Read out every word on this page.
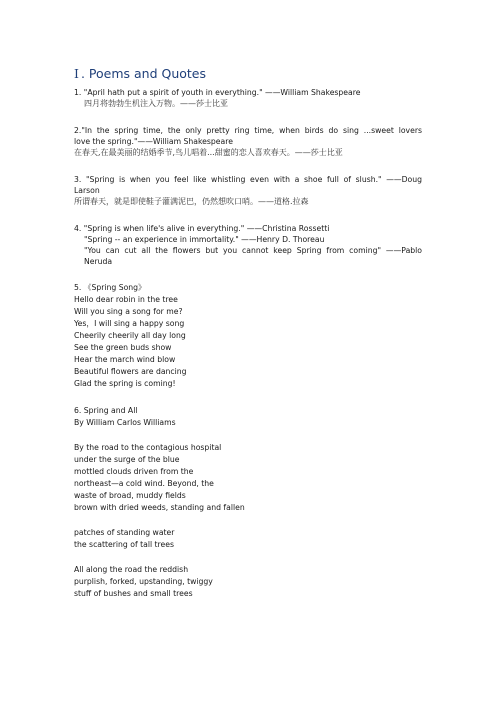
Ⅰ . Poems and Quotes
1. "April hath put a spirit of youth in everything." ——William Shakespeare
四月将勃勃生机注入万物。——莎士比亚
2."In the spring time, the only pretty ring time, when birds do sing ...sweet lovers
love the spring."——William Shakespeare
在春天,在最美丽的结婚季节,鸟儿唱着...甜蜜的恋人喜欢春天。——莎士比亚
3. "Spring is when you feel like whistling even with a shoe full of slush." ——Doug
Larson
所谓春天，就是即使鞋子灌满泥巴，仍然想吹口哨。——道格.拉森
4. "Spring is when life's alive in everything." ——Christina Rossetti
"Spring -- an experience in immortality." ——Henry D. Thoreau
"You can cut all the flowers but you cannot keep Spring from coming" ——Pablo
Neruda
5. 《Spring Song》
Hello dear robin in the tree
Will you sing a song for me?
Yes，I will sing a happy song
Cheerily cheerily all day long
See the green buds show
Hear the march wind blow
Beautiful flowers are dancing
Glad the spring is coming!
6. Spring and All
By William Carlos Williams
By the road to the contagious hospital
under the surge of the blue
mottled clouds driven from the
northeast—a cold wind. Beyond, the
waste of broad, muddy fields
brown with dried weeds, standing and fallen
patches of standing water
the scattering of tall trees
All along the road the reddish
purplish, forked, upstanding, twiggy
stuff of bushes and small trees
